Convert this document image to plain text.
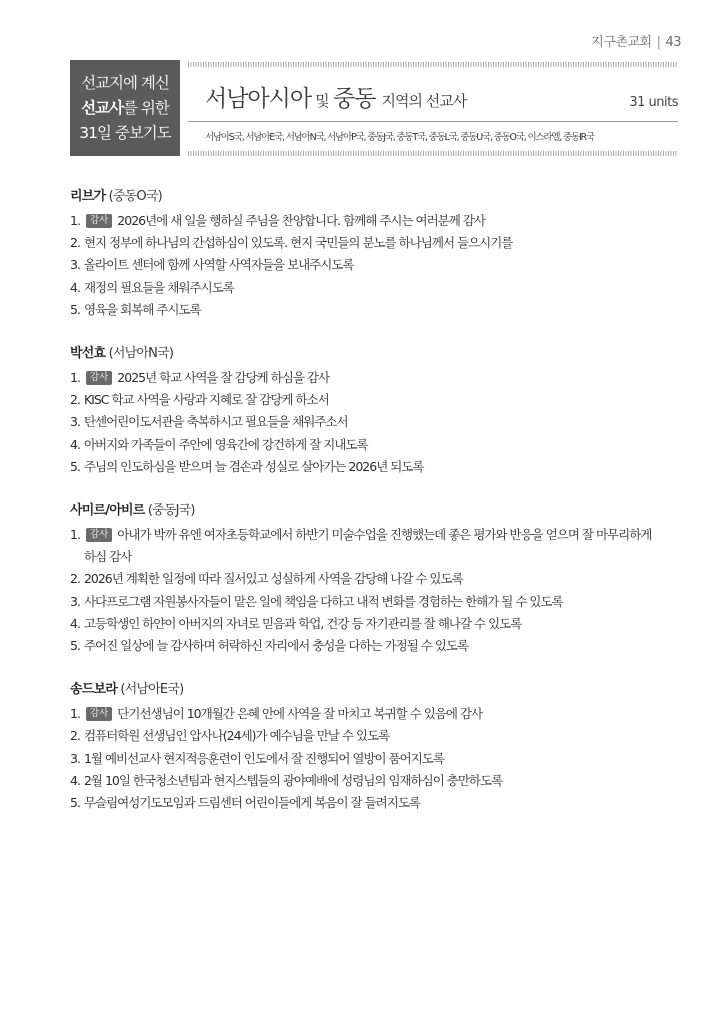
지구촌교회 | 43
선교지에 계신
선교사를 위한
31일 중보기도
서남아시아 및 중동 지역의 선교사	31 units
서남아S국, 서남아E국, 서남아N국, 서남아P국, 중동J국, 중동T국, 중동L국, 중동U국, 중동O국, 이스라엘, 중동IR국
리브가 (중동O국)
1. 감사 2026년에 새 일을 행하실 주님을 찬양합니다. 함께해 주시는 여러분께 감사
2. 현지 정부에 하나님의 간섭하심이 있도록. 현지 국민들의 분노를 하나님께서 들으시기를
3. 올라이트 센터에 함께 사역할 사역자들을 보내주시도록
4. 재정의 필요들을 채워주시도록
5. 영육을 회복해 주시도록
박선효 (서남아N국)
1. 감사 2025년 학교 사역을 잘 감당케 하심을 감사
2. KISC 학교 사역을 사랑과 지혜로 잘 감당케 하소서
3. 탄센어린이도서관을 축복하시고 필요들을 채워주소서
4. 아버지와 가족들이 주안에 영육간에 강건하게 잘 지내도록
5. 주님의 인도하심을 받으며 늘 겸손과 성실로 살아가는 2026년 되도록
사미르/아비르 (중동J국)
1. 감사 아내가 박까 유엔 여자초등학교에서 하반기 미술수업을 진행했는데 좋은 평가와 반응을 얻으며 잘 마무리하게
하심 감사
2. 2026년 계획한 일정에 따라 질서있고 성실하게 사역을 감당해 나갈 수 있도록
3. 사다프로그램 자원봉사자들이 맡은 일에 책임을 다하고 내적 변화를 경험하는 한해가 될 수 있도록
4. 고등학생인 하얀이 아버지의 자녀로 믿음과 학업, 건강 등 자기관리를 잘 해나갈 수 있도록
5. 주어진 일상에 늘 감사하며 허락하신 자리에서 충성을 다하는 가정될 수 있도록
송드보라 (서남아E국)
1. 감사 단기선생님이 10개월간 은혜 안에 사역을 잘 마치고 복귀할 수 있음에 감사
2. 컴퓨터학원 선생님인 압사나(24세)가 예수님을 만날 수 있도록
3. 1월 예비선교사 현지적응훈련이 인도에서 잘 진행되어 열방이 품어지도록
4. 2월 10일 한국청소년팀과 현지스텝들의 광야예배에 성령님의 임재하심이 충만하도록
5. 무슬림여성기도모임과 드림센터 어린이들에게 복음이 잘 들려지도록
